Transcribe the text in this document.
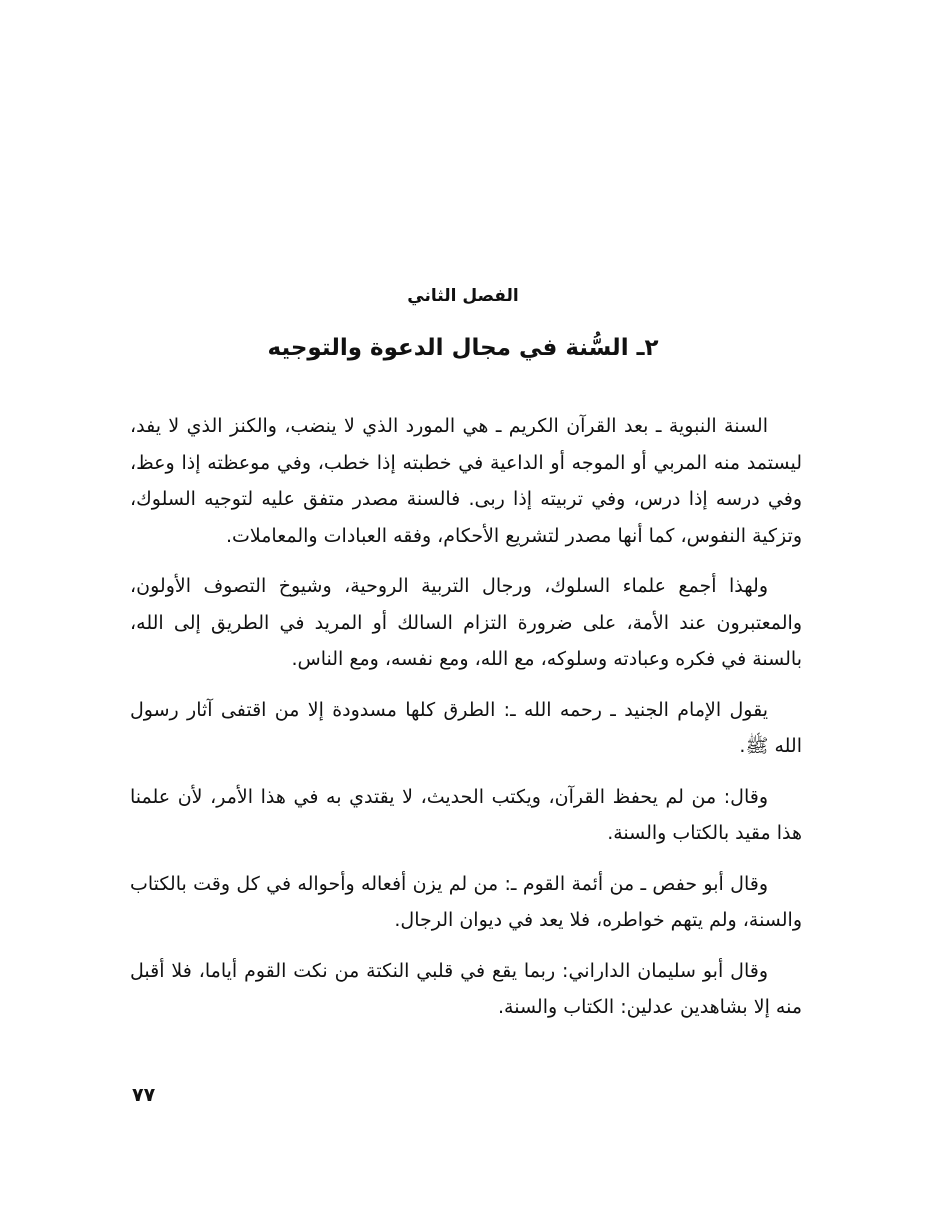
الفصل الثاني
٢ـ السُّنة في مجال الدعوة والتوجيه

السنة النبوية ـ بعد القرآن الكريم ـ هي المورد الذي لا ينضب، والكنز الذي لا يفد، ليستمد منه المربي أو الموجه أو الداعية في خطبته إذا خطب، وفي موعظته إذا وعظ، وفي درسه إذا درس، وفي تربيته إذا ربى. فالسنة مصدر متفق عليه لتوجيه السلوك، وتزكية النفوس، كما أنها مصدر لتشريع الأحكام، وفقه العبادات والمعاملات.

ولهذا أجمع علماء السلوك، ورجال التربية الروحية، وشيوخ التصوف الأولون، والمعتبرون عند الأمة، على ضرورة التزام السالك أو المريد في الطريق إلى الله، بالسنة في فكره وعبادته وسلوكه، مع الله، ومع نفسه، ومع الناس.

يقول الإمام الجنيد ـ رحمه الله ـ: الطرق كلها مسدودة إلا من اقتفى آثار رسول الله ﷺ.

وقال: من لم يحفظ القرآن، ويكتب الحديث، لا يقتدي به في هذا الأمر، لأن علمنا هذا مقيد بالكتاب والسنة.

وقال أبو حفص ـ من أئمة القوم ـ: من لم يزن أفعاله وأحواله في كل وقت بالكتاب والسنة، ولم يتهم خواطره، فلا يعد في ديوان الرجال.

وقال أبو سليمان الداراني: ربما يقع في قلبي النكتة من نكت القوم أياما، فلا أقبل منه إلا بشاهدين عدلين: الكتاب والسنة.

٧٧
